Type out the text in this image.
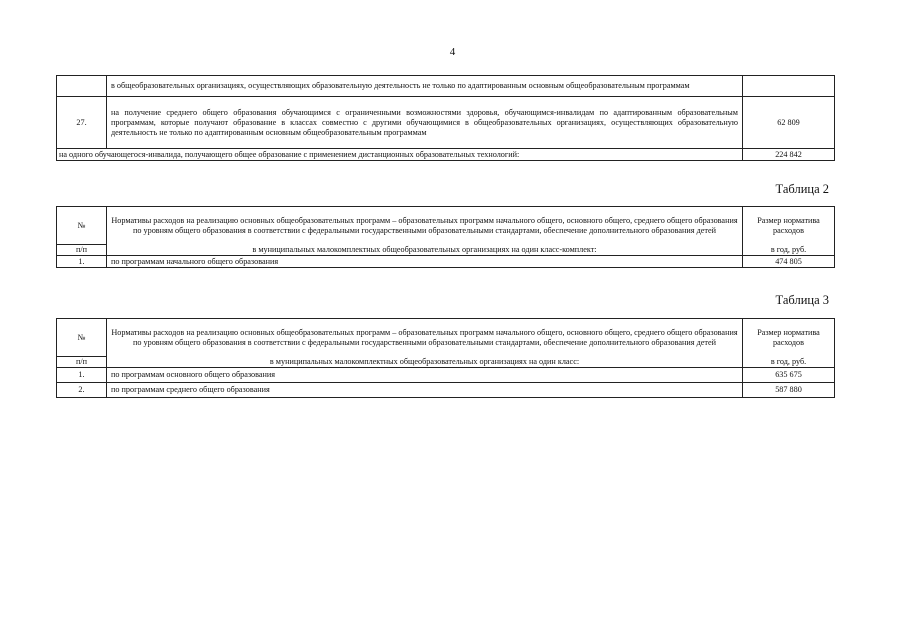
4
	в общеобразовательных организациях, осуществляющих образовательную деятельность не только по адаптированным основным общеобразовательным программам	
27.	на получение среднего общего образования обучающимся с ограниченными возможностями здоровья, обучающимся-инвалидам по адаптированным образовательным программам, которые получают образование в классах совместно с другими обучающимися в общеобразовательных организациях, осуществляющих образовательную деятельность не только по адаптированным основным общеобразовательным программам	62 809
на одного обучающегося-инвалида, получающего общее образование с применением дистанционных образовательных технологий:		224 842
Таблица 2
№	Нормативы расходов на реализацию основных общеобразовательных программ – образовательных программ начального общего, основного общего, среднего общего образования по уровням общего образования в соответствии с федеральными государственными образовательными стандартами, обеспечение дополнительного образования детей	Размер норматива расходов
п/п	в муниципальных малокомплектных общеобразовательных организациях на один класс-комплект:	в год, руб.
1.	по программам начального общего образования	474 805
Таблица 3
№	Нормативы расходов на реализацию основных общеобразовательных программ – образовательных программ начального общего, основного общего, среднего общего образования по уровням общего образования в соответствии с федеральными государственными образовательными стандартами, обеспечение дополнительного образования детей	Размер норматива расходов
п/п	в муниципальных малокомплектных общеобразовательных организациях на один класс:	в год, руб.
1.	по программам основного общего образования	635 675
2.	по программам среднего общего образования	587 880
